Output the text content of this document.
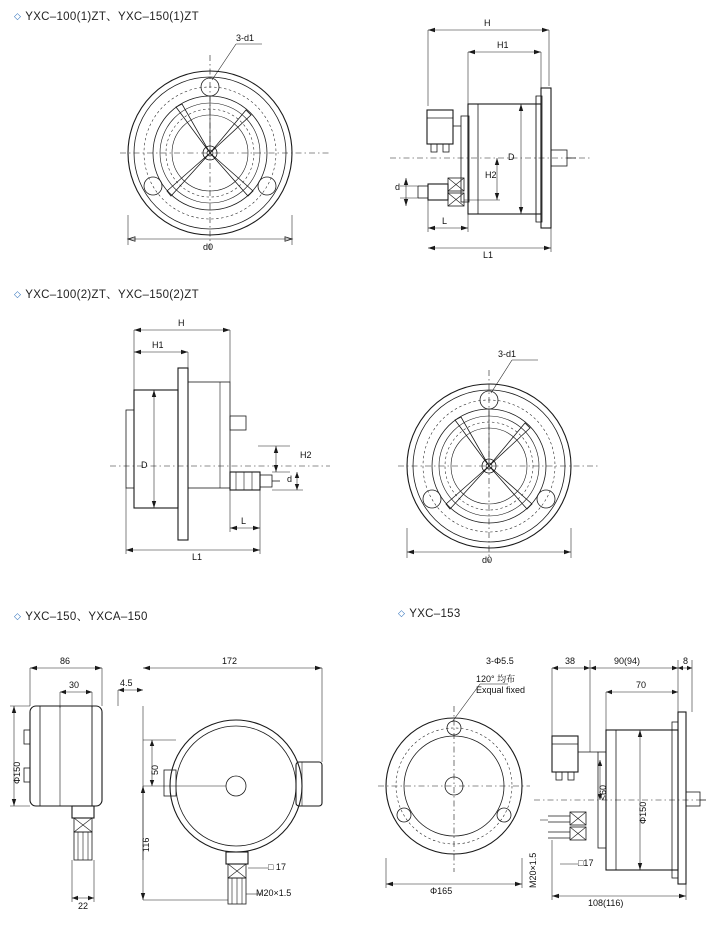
◇ YXC–100(1)ZT、YXC–150(1)ZT
◇ YXC–100(2)ZT、YXC–150(2)ZT
◇ YXC–150、YXCA–150	◇ YXC–153
3-d1
d0
H
H1
D
H2
d
L
L1
H
H1
D
H2
d
L
L1
3-d1
d0
86
30
Φ150
22
4.5
172
50
116
□ 17
M20×1.5
3-Φ5.5
120° 均布
Exqual fixed
Φ165
M20×1.5
38	90(94)	8
70
Φ150
≤60
□17
108(116)
